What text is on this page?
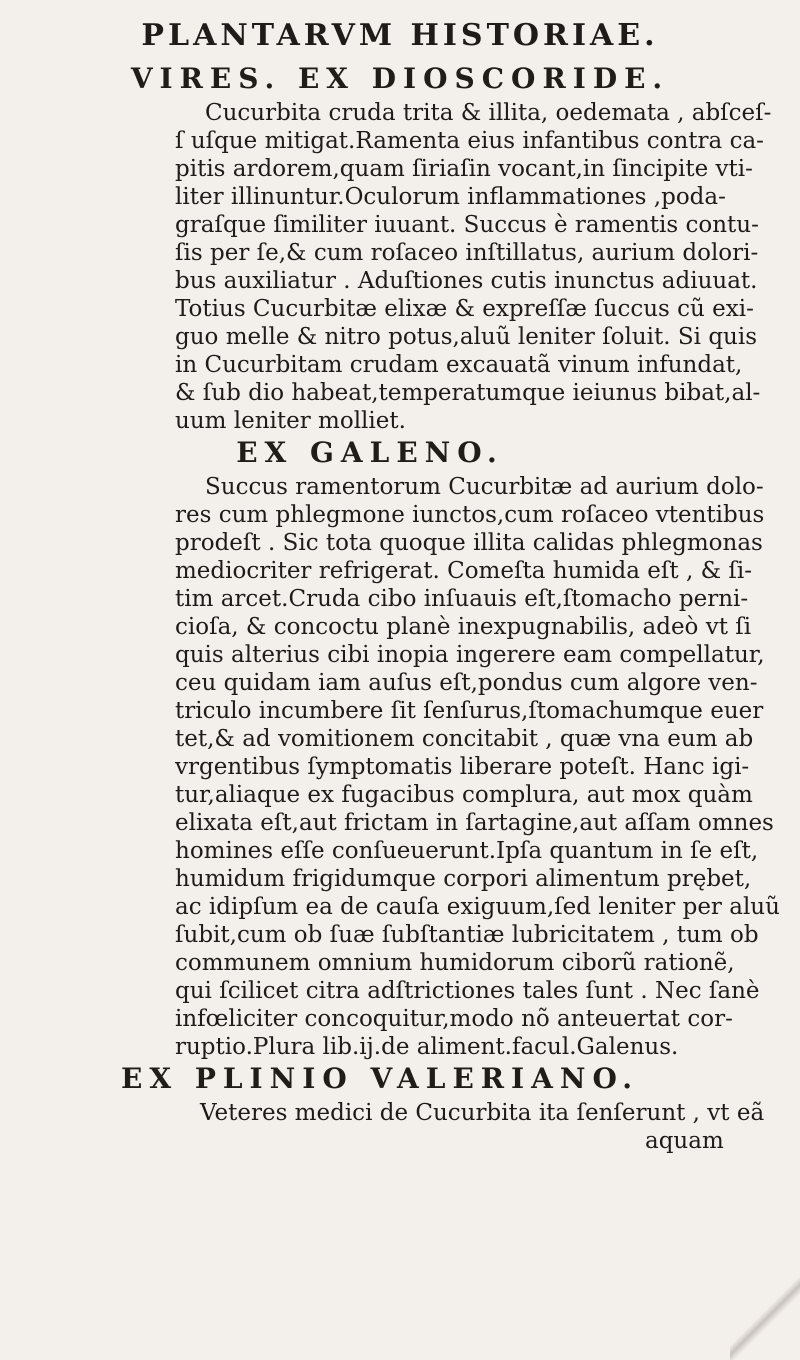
PLANTARVM HISTORIAE.
VIRES. EX DIOSCORIDE.
Cucurbita cruda trita & illita, oedemata , abſceſ-
ſ uſque mitigat.Ramenta eius infantibus contra ca-
pitis ardorem,quam ſiriaſin vocant,in ſincipite vti-
liter illinuntur.Oculorum inflammationes ,poda-
graſque ſimiliter iuuant. Succus è ramentis contu-
ſis per ſe,& cum roſaceo inſtillatus, aurium dolori-
bus auxiliatur . Aduſtiones cutis inunctus adiuuat.
Totius Cucurbitæ elixæ & expreſſæ ſuccus cũ exi-
guo melle & nitro potus,aluũ leniter ſoluit. Si quis
in Cucurbitam crudam excauatã vinum infundat,
& ſub dio habeat,temperatumque ieiunus bibat,al-
uum leniter molliet.
EX GALENO.
Succus ramentorum Cucurbitæ ad aurium dolo-
res cum phlegmone iunctos,cum roſaceo vtentibus
prodeſt . Sic tota quoque illita calidas phlegmonas
mediocriter refrigerat. Comeſta humida eſt , & ſi-
tim arcet.Cruda cibo inſuauis eſt,ſtomacho perni-
cioſa, & concoctu planè inexpugnabilis, adeò vt ſi
quis alterius cibi inopia ingerere eam compellatur,
ceu quidam iam auſus eſt,pondus cum algore ven-
triculo incumbere ſit ſenſurus,ſtomachumque euer
tet,& ad vomitionem concitabit , quæ vna eum ab
vrgentibus ſymptomatis liberare poteſt. Hanc igi-
tur,aliaque ex fugacibus complura, aut mox quàm
elixata eſt,aut frictam in ſartagine,aut aſſam omnes
homines eſſe conſueuerunt.Ipſa quantum in ſe eſt,
humidum frigidumque corpori alimentum prębet,
ac idipſum ea de cauſa exiguum,ſed leniter per aluũ
ſubit,cum ob ſuæ ſubſtantiæ lubricitatem , tum ob
communem omnium humidorum ciborũ rationẽ,
qui ſcilicet citra adſtrictiones tales ſunt . Nec ſanè
infœliciter concoquitur,modo nõ anteuertat cor-
ruptio.Plura lib.ij.de aliment.facul.Galenus.
EX PLINIO VALERIANO.
Veteres medici de Cucurbita ita ſenſerunt , vt eã
aquam
